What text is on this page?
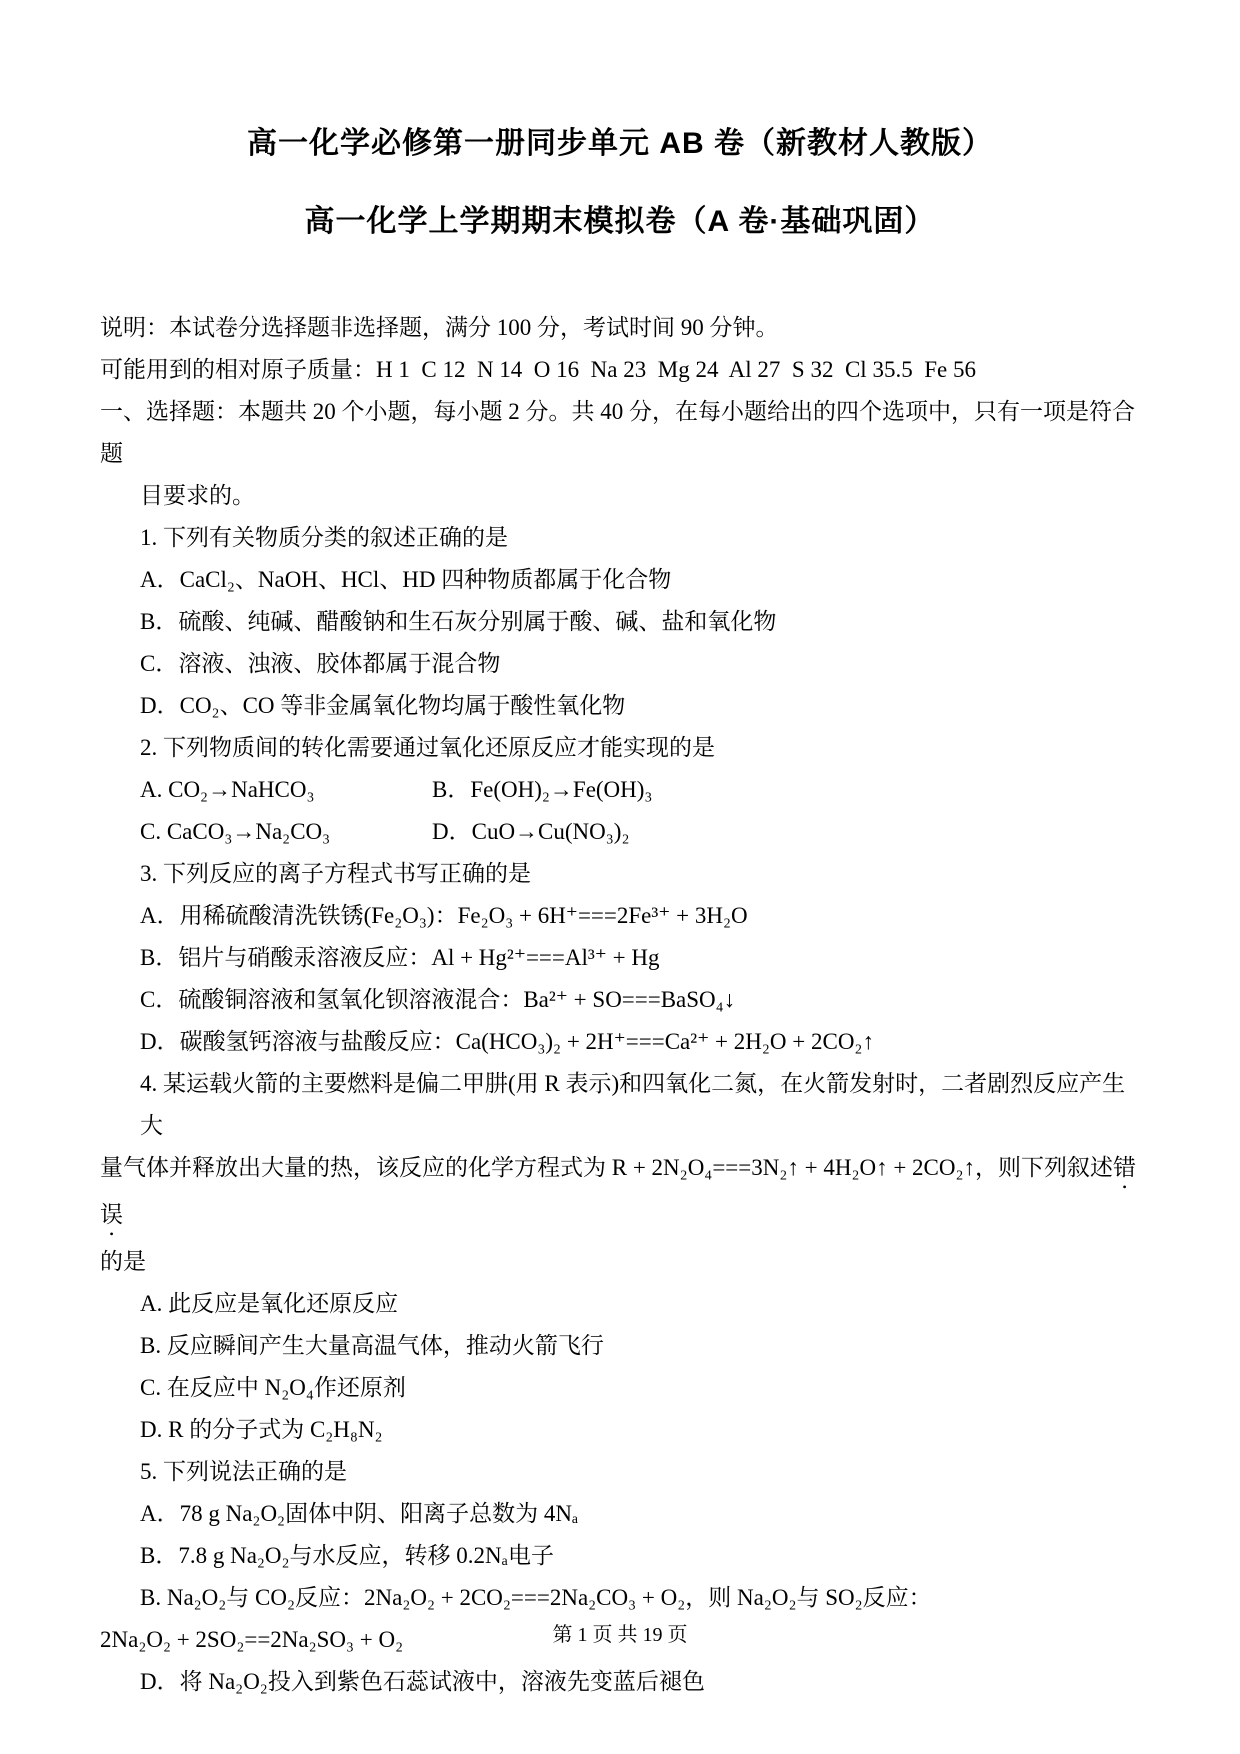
高一化学必修第一册同步单元 AB 卷（新教材人教版）
高一化学上学期期末模拟卷（A 卷·基础巩固）

说明：本试卷分选择题非选择题，满分 100 分，考试时间 90 分钟。

可能用到的相对原子质量：H 1  C 12  N 14  O 16  Na 23  Mg 24  Al 27  S 32  Cl 35.5  Fe 56

一、选择题：本题共 20 个小题，每小题 2 分。共 40 分，在每小题给出的四个选项中，只有一项是符合题

目要求的。

1. 下列有关物质分类的叙述正确的是

A．CaCl₂、NaOH、HCl、HD 四种物质都属于化合物

B．硫酸、纯碱、醋酸钠和生石灰分别属于酸、碱、盐和氧化物

C．溶液、浊液、胶体都属于混合物

D．CO₂、CO 等非金属氧化物均属于酸性氧化物

2. 下列物质间的转化需要通过氧化还原反应才能实现的是

A. CO₂→NaHCO₃	B．Fe(OH)₂→Fe(OH)₃

C. CaCO₃→Na₂CO₃	D．CuO→Cu(NO₃)₂

3. 下列反应的离子方程式书写正确的是

A．用稀硫酸清洗铁锈(Fe₂O₃)：Fe₂O₃ + 6H⁺===2Fe³⁺ + 3H₂O

B．铝片与硝酸汞溶液反应：Al + Hg²⁺===Al³⁺ + Hg

C．硫酸铜溶液和氢氧化钡溶液混合：Ba²⁺ + SO===BaSO₄↓

D．碳酸氢钙溶液与盐酸反应：Ca(HCO₃)₂ + 2H⁺===Ca²⁺ + 2H₂O + 2CO₂↑

4. 某运载火箭的主要燃料是偏二甲肼(用 R 表示)和四氧化二氮，在火箭发射时，二者剧烈反应产生大

量气体并释放出大量的热，该反应的化学方程式为 R + 2N₂O₄===3N₂↑ + 4H₂O↑ + 2CO₂↑，则下列叙述错误

的是

A. 此反应是氧化还原反应

B. 反应瞬间产生大量高温气体，推动火箭飞行

C. 在反应中 N₂O₄作还原剂

D. R 的分子式为 C₂H₈N₂

5. 下列说法正确的是

A．78 g Na₂O₂固体中阴、阳离子总数为 4Nₐ

B．7.8 g Na₂O₂与水反应，转移 0.2Nₐ电子

B. Na₂O₂与 CO₂反应：2Na₂O₂ + 2CO₂===2Na₂CO₃ + O₂，则 Na₂O₂与 SO₂反应：

2Na₂O₂ + 2SO₂==2Na₂SO₃ + O₂

D．将 Na₂O₂投入到紫色石蕊试液中，溶液先变蓝后褪色

第 1 页 共 19 页
